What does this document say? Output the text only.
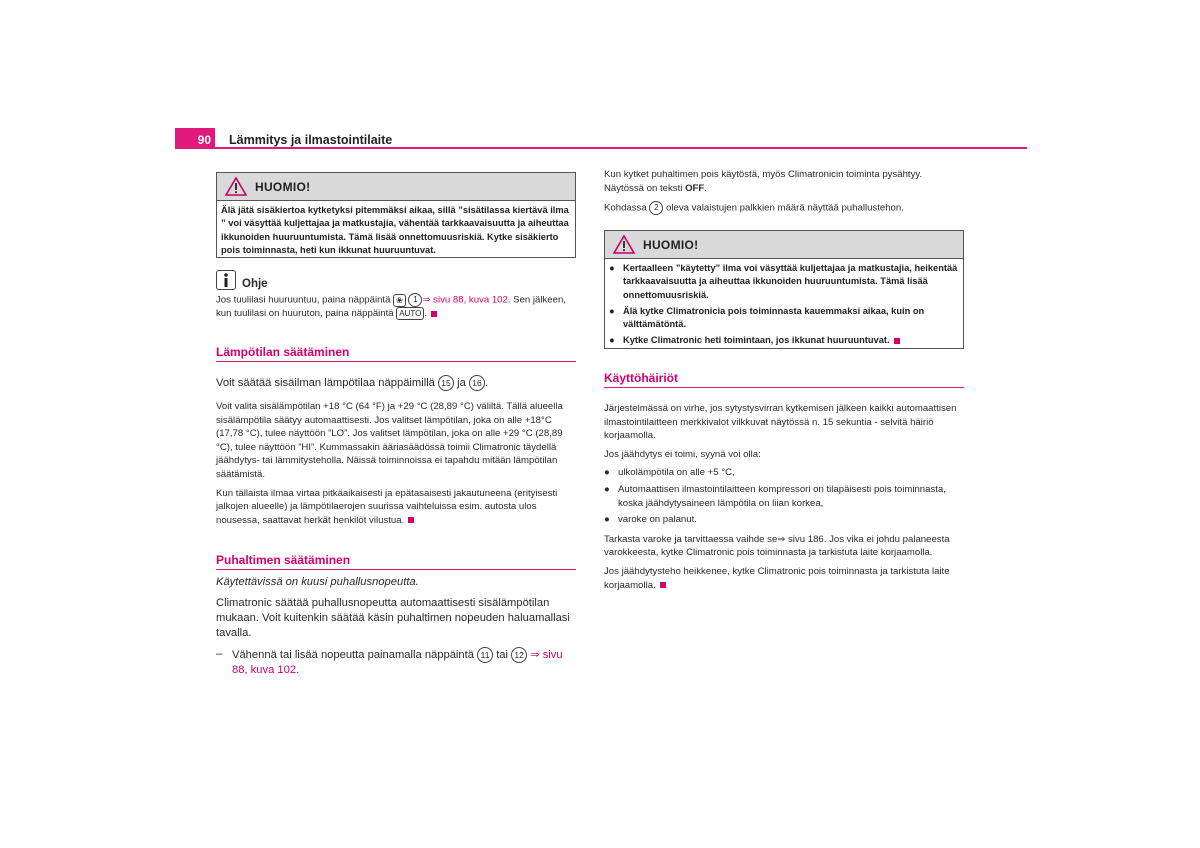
90	Lämmitys ja ilmastointilaite
HUOMIO!
Älä jätä sisäkiertoa kytketyksi pitemmäksi aikaa, sillä ”sisätilassa kiertävä ilma ” voi väsyttää kuljettajaa ja matkustajia, vähentää tarkkaavaisuutta ja aiheuttaa ikkunoiden huuruuntumista. Tämä lisää onnettomuusriskiä. Kytke sisäkierto pois toiminnasta, heti kun ikkunat huuruuntuvat.
Ohje
Jos tuulilasi huuruuntuu, paina näppäintä ❀ 1 ⇒ sivu 88, kuva 102. Sen jälkeen, kun tuulilasi on huuruton, paina näppäintä AUTO .
Lämpötilan säätäminen
Voit säätää sisäilman lämpötilaa näppäimillä 15 ja 16 .

Voit valita sisälämpötilan +18 °C (64 °F) ja +29 °C (28,89 °C) väliltä. Tällä alueella sisälämpötila säätyy automaattisesti. Jos valitset lämpötilan, joka on alle +18°C (17,78 °C), tulee näyttöön ”LO”. Jos valitset lämpötilan, joka on alle +29 °C (28,89 °C), tulee näyttöön ”HI”. Kummassakin ääriasäädössä toimii Climatronic täydellä jäähdytys- tai lämmitysteholla. Näissä toiminnoissa ei tapahdu mitään lämpötilan säätämistä.

Kun tällaista ilmaa virtaa pitkäaikaisesti ja epätasaisesti jakautuneena (erityisesti jalkojen alueelle) ja lämpötilaerojen suurissa vaihteluissa esim. autosta ulos nousessa, saattavat herkät henkilöt vilustua.

Puhaltimen säätäminen
Käytettävissä on kuusi puhallusnopeutta.
Climatronic säätää puhallusnopeutta automaattisesti sisälämpötilan mukaan. Voit kuitenkin säätää käsin puhaltimen nopeuden haluamallasi tavalla.
– Vähennä tai lisää nopeutta painamalla näppäintä 11 tai 12 ⇒ sivu 88, kuva 102.

Kun kytket puhaltimen pois käytöstä, myös Climatronicin toiminta pysähtyy. Näytössä on teksti OFF.

Kohdassa 2 oleva valaistujen palkkien määrä näyttää puhallustehon.

HUOMIO!
● Kertaalleen ”käytetty” ilma voi väsyttää kuljettajaa ja matkustajia, heikentää tarkkaavaisuutta ja aiheuttaa ikkunoiden huuruuntumista. Tämä lisää onnettomuusriskiä.
● Älä kytke Climatronicia pois toiminnasta kauemmaksi aikaa, kuin on välttämätöntä.
● Kytke Climatronic heti toimintaan, jos ikkunat huuruuntuvat.
Käyttöhäiriöt

Järjestelmässä on virhe, jos sytystysvirran kytkemisen jälkeen kaikki automaattisen ilmastointilaitteen merkkivalot vilkkuvat näytössä n. 15 sekuntia - selvitä häiriö korjaamolla.

Jos jäähdytys ei toimi, syynä voi olla:

● ulkolämpötila on alle +5 °C,
● Automaattisen ilmastointilaitteen kompressori on tilapäisesti pois toiminnasta, koska jäähdytysaineen lämpötila on liian korkea,
● varoke on palanut.

Tarkasta varoke ja tarvittaessa vaihde se⇒ sivu 186. Jos vika ei johdu palaneesta varokkeesta, kytke Climatronic pois toiminnasta ja tarkistuta laite korjaamolla.

Jos jäähdytysteho heikkenee, kytke Climatronic pois toiminnasta ja tarkistuta laite korjaamolla.
